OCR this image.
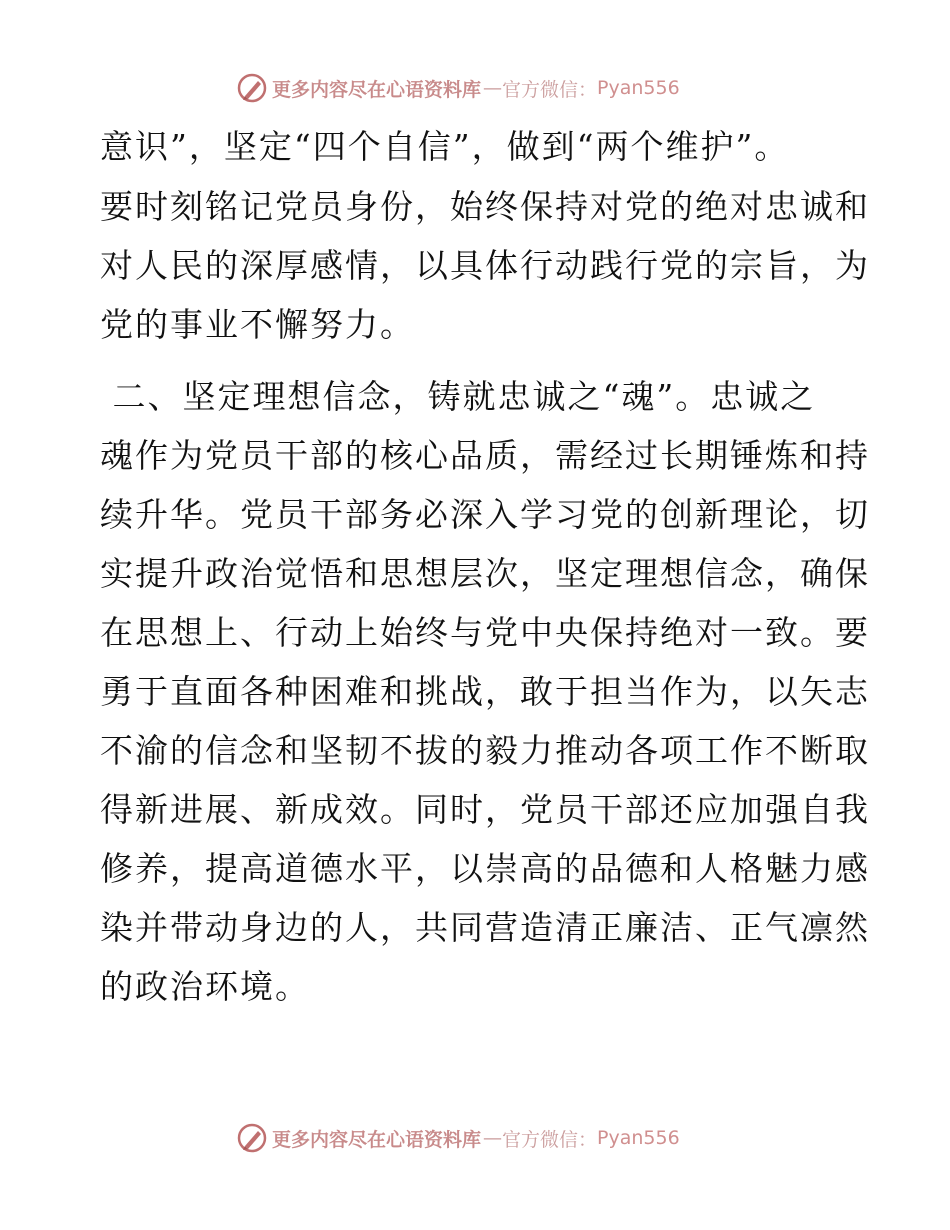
更多内容尽在心语资料库 — 官方微信： Pyan556

意识”，坚定“四个自信”，做到“两个维护”。

要时刻铭记党员身份，始终保持对党的绝对忠诚和

对人民的深厚感情，以具体行动践行党的宗旨，为

党的事业不懈努力。

二、坚定理想信念，铸就忠诚之“魂”。忠诚之

魂作为党员干部的核心品质，需经过长期锤炼和持

续升华。党员干部务必深入学习党的创新理论，切

实提升政治觉悟和思想层次，坚定理想信念，确保

在思想上、行动上始终与党中央保持绝对一致。要

勇于直面各种困难和挑战，敢于担当作为，以矢志

不渝的信念和坚韧不拔的毅力推动各项工作不断取

得新进展、新成效。同时，党员干部还应加强自我

修养，提高道德水平，以崇高的品德和人格魅力感

染并带动身边的人，共同营造清正廉洁、正气凛然

的政治环境。

更多内容尽在心语资料库 — 官方微信： Pyan556
